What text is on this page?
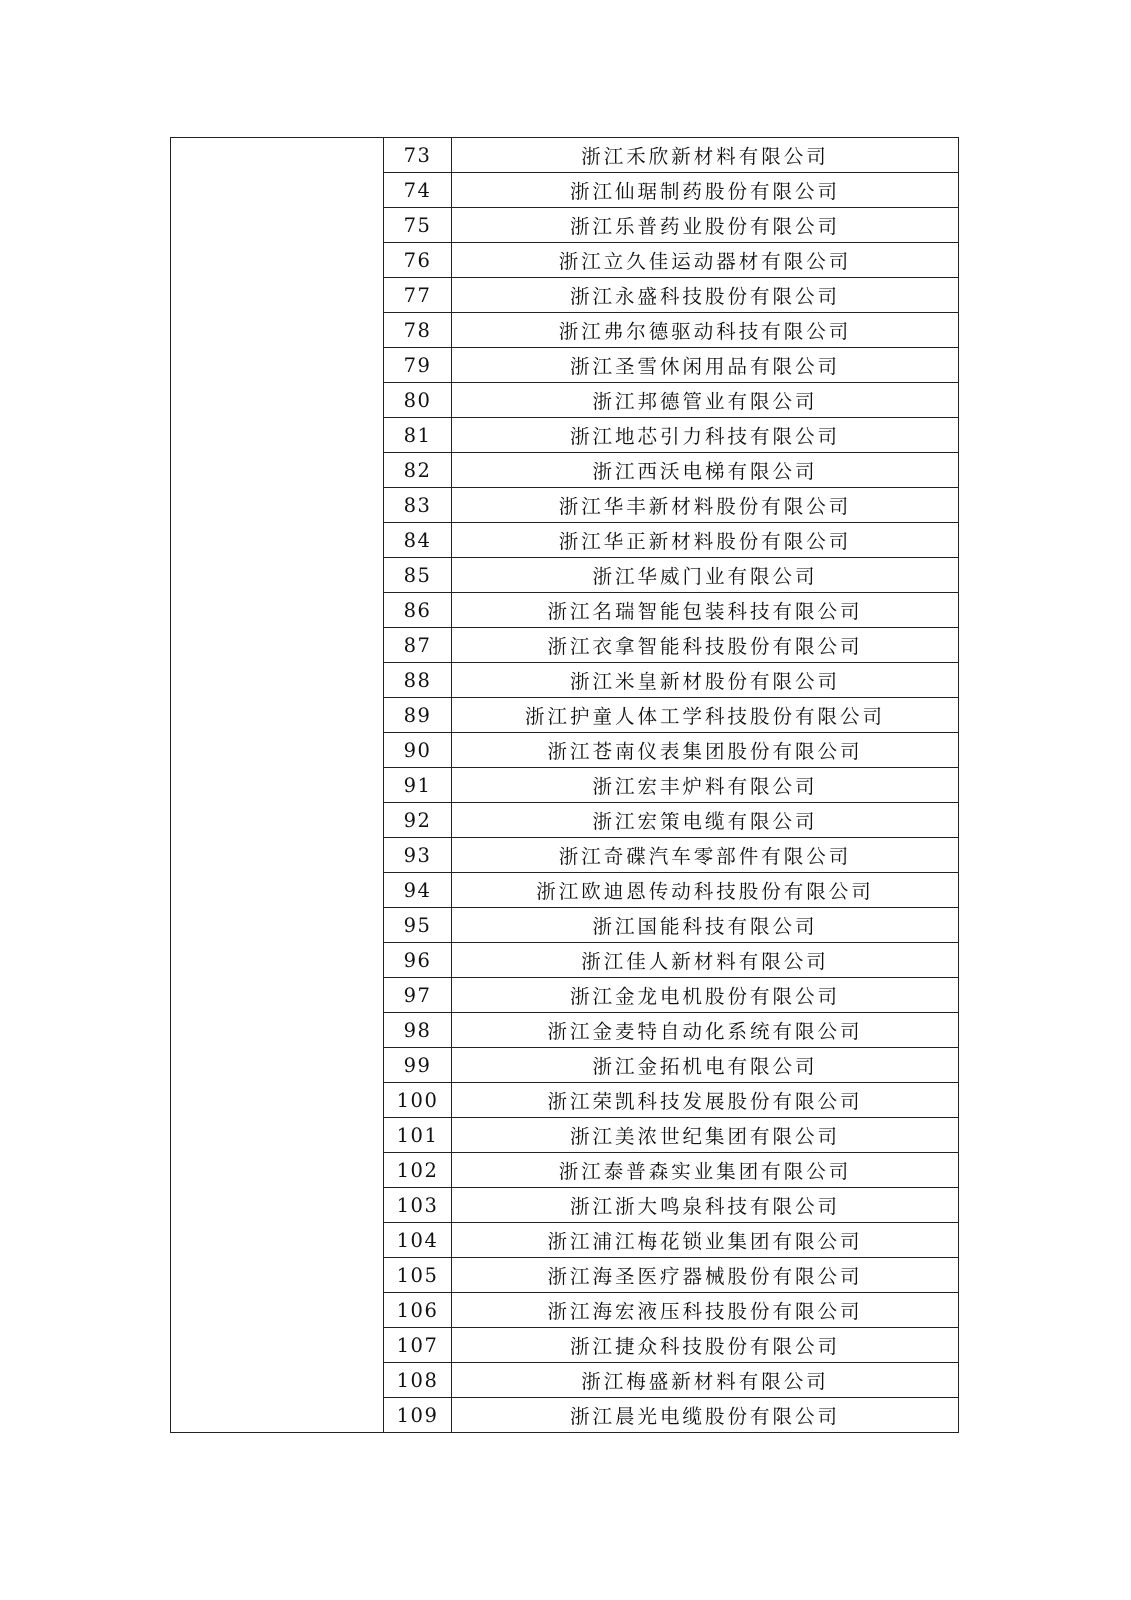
	73	浙江禾欣新材料有限公司
	74	浙江仙琚制药股份有限公司
	75	浙江乐普药业股份有限公司
	76	浙江立久佳运动器材有限公司
	77	浙江永盛科技股份有限公司
	78	浙江弗尔德驱动科技有限公司
	79	浙江圣雪休闲用品有限公司
	80	浙江邦德管业有限公司
	81	浙江地芯引力科技有限公司
	82	浙江西沃电梯有限公司
	83	浙江华丰新材料股份有限公司
	84	浙江华正新材料股份有限公司
	85	浙江华威门业有限公司
	86	浙江名瑞智能包装科技有限公司
	87	浙江衣拿智能科技股份有限公司
	88	浙江米皇新材股份有限公司
	89	浙江护童人体工学科技股份有限公司
	90	浙江苍南仪表集团股份有限公司
	91	浙江宏丰炉料有限公司
	92	浙江宏策电缆有限公司
	93	浙江奇碟汽车零部件有限公司
	94	浙江欧迪恩传动科技股份有限公司
	95	浙江国能科技有限公司
	96	浙江佳人新材料有限公司
	97	浙江金龙电机股份有限公司
	98	浙江金麦特自动化系统有限公司
	99	浙江金拓机电有限公司
	100	浙江荣凯科技发展股份有限公司
	101	浙江美浓世纪集团有限公司
	102	浙江泰普森实业集团有限公司
	103	浙江浙大鸣泉科技有限公司
	104	浙江浦江梅花锁业集团有限公司
	105	浙江海圣医疗器械股份有限公司
	106	浙江海宏液压科技股份有限公司
	107	浙江捷众科技股份有限公司
	108	浙江梅盛新材料有限公司
	109	浙江晨光电缆股份有限公司
